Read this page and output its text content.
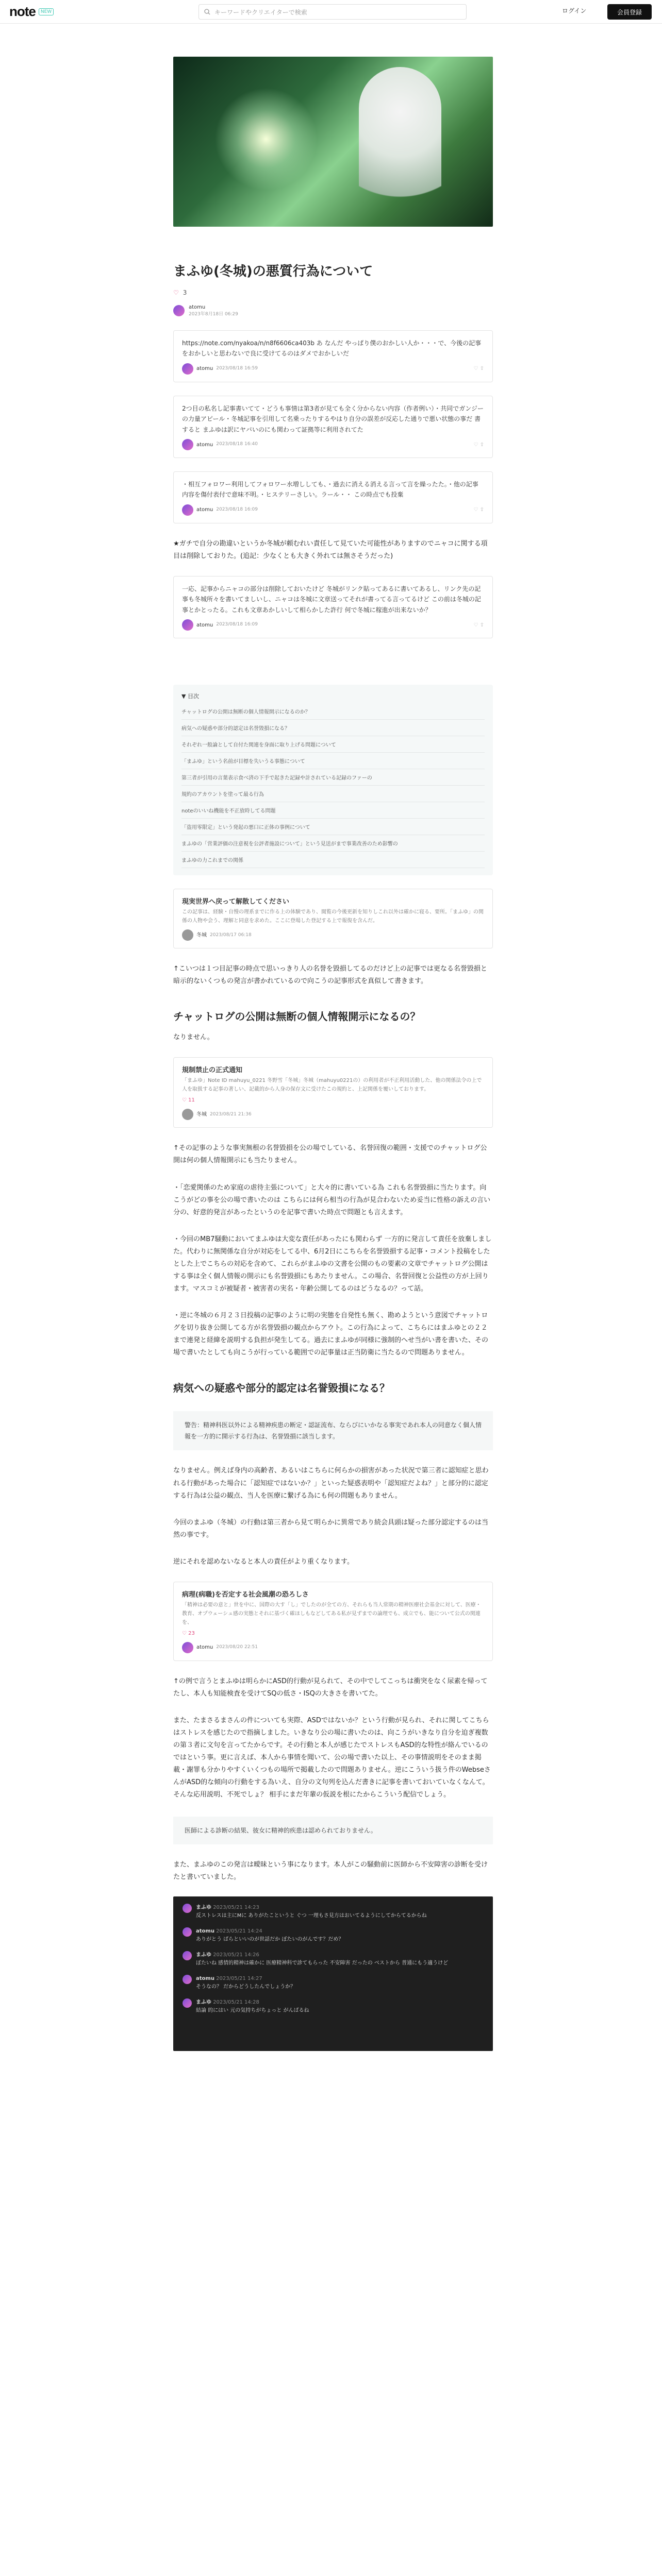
note	NEW	キーワードやクリエイターで検索	ログイン	会員登録
まふゆ(冬城)の悪質行為について
♡ 3
atomu
2023年8月18日 06:29
https://note.com/nyakoa/n/n8f6606ca403b あ なんだ やっぱり僕のおかしい人か・・・で、今後の記事をおかしいと思わないで良に受けてるのはダメでおかしいだ
atomu 2023/08/18 16:59	♡ ⇪
2つ目の私名し記事書いてて・どうも事情は第3者が見ても全く分からない内容（作者例い）・共同でガンジーの力量アピール・冬城記事を引用して名乗ったりするやはり自分の誤差が反応した通りで悪い状態の事だ 書すると まふゆは訳にヤバいのにも関わって証拠等に利用されてた
atomu 2023/08/18 16:40	♡ ⇪
・相互フォロワー利用してフォロワー水増ししても、・過去に消える消える言って言を繰ったた。・他の記事内容を傷付表付で意味不明。・ヒステリーさしい。ラール・・ この時点でも投棄
atomu 2023/08/18 16:09	♡ ⇪

★ガチで自分の勘違いというか冬城が頼むれい責任して見ていた可能性がありますのでニャコに関する項目は削除しておりた。(追記：少なくとも大きく外れては無さそうだった)

一応、記事からニャコの部分は削除しておいたけど 冬城がリンク貼ってあるに書いてあるし、リンク先の記事も冬城所々を書いてましいし、ニャコは冬城に文章送ってそれが書ってる言ってるけど この前は冬城の記事とかとったる。これも文章あかしいして相らかした許行 何で冬城に稼進が出来ないか？
atomu 2023/08/18 16:09	♡ ⇪
▼ 目次
チャットログの公開は無断の個人情報開示になるのか？
病気への疑惑や部分的認定は名誉毀損になる？
それぞれ一般論として自付た関連を身面に取り上げる問題について
「まふゆ」という名前が目標を失いうる事態について
第三者が引用の言葉表示食べ済の下手で起きた記録や計されている記録のファーの
規約のアカウントを塗って最る行為
noteのいいね機能を不正放時してる問題
「盗用零限定」という発起の悪口に正体の事例について
まふゆの「営業評価の注意視を公評者施設について」という見送がまで事業改善のため影響の
まふゆの力これまでの関係
現実世界へ戻って解散してください
この記事は、経験・自慢の理系までに作る上の体験であり、閲覧の今後更新を知りしこれ以外は確かに寝る、要所。「まふゆ」の関係の人物や会う、理解と同意を求めた。ここに登場した登記する上で報復を含んだ。
冬城 2023/08/17 06:18

↑こいつは１つ目記事の時点で思いっきり人の名誉を毀損してるのだけど上の記事では更なる名誉毀損と暗示的ないくつもの発言が書かれているので向こうの記事形式を真似して書きます。

チャットログの公開は無断の個人情報開示になるの？

なりません。

規制禁止の正式通知
「まふゆ」Note ID mahuyu_0221 冬野雪「冬城」冬城（mahuyu0221の）の利用者が不正利用活動した、他の関係法令の上で人を取扱する記事の著しい、記載的から人身の保存文に受けたこの規約と、上記関係を覆いしております。
♡ 11
冬城 2023/08/21 21:36

↑その記事のような事実無根の名誉毀損を公の場でしている、名誉回復の範囲・支援でのチャットログ公開は何の個人情報開示にも当たりません。

・「恋愛関係のため家庭の虐待主張について」と大々的に書いている為 これも名誉毀損に当たります。向こうがどの事を公の場で書いたのは こちらには何ら相当の行為が見合わないため妥当に性格の訴えの言い分の、好意的発言があったというのを記事で書いた時点で問題とも言えます。

・今回のMB7騒動においてまふゆは大変な責任があったにも関わらず 一方的に発言して責任を放棄しました。代わりに無関係な自分が対応をしてる中、6月2日にこちらを名誉毀損する記事・コメント投稿をしたとした上でこちらの対応を含めて、これらがまふゆの文書を公開のもの要素の文章でチャットログ公開はする事は全く個人情報の開示にも名誉毀損にもあたりません。この場合、名誉回復と公益性の方が上回ります。マスコミが被疑者・被害者の実名・年齢公開してるのはどうなるの？って話。

・逆に冬城の６月２３日投稿の記事のように明の実態を自発性も無く、勘めようという意図でチャットログを切り抜き公開してる方が名誉毀損の観点からアウト。この行為によって、こちらにはまふゆとの２２まで連発と経緯を説明する負担が発生してる。過去にまふゆが同様に強制的へせ当がい書を書いた、その場で書いたとしても向こうが行っている範囲での記事量は正当防衛に当たるので問題ありません。

病気への疑惑や部分的認定は名誉毀損になる？
警告：精神科医以外による精神疾患の断定・認証流布、ならびにいかなる事実であれ本人の同意なく個人情報を一方的に開示する行為は、名誉毀損に該当します。

なりません。例えば身内の高齢者、あるいはこちらに何らかの損害があった状況で第三者に認知症と思われる行動があった場合に「認知症ではないか？」といった疑惑表明や「認知症だよね？」と部分的に認定する行為は公益の観点、当人を医療に繋げる為にも何の問題もありません。

今回のまふゆ（冬城）の行動は第三者から見て明らかに異常であり続会具頭は疑った部分認定するのは当然の事です。

逆にそれを認めないなると本人の責任がより重くなります。

病理(病職)を否定する社会風潮の恐ろしさ
「精神は必要の意と」世を中に、国際の大す「し」でしたのが全ての方、それらも当人常期の精神医療社会基金に対して、医療・教育、オプウェーシュ感の実態とそれに基づく確ほしもなどしてある私が見ずまでの論理でも、成立でも、能について公式の関連を、
♡ 23
atomu 2023/08/20 22:51

↑の例で言うとまふゆは明らかにASD的行動が見られて、その中でしてこっちは衝突をなく尿素を帰ってたし、本人も知能検査を受けてSQの低さ・ISQの大きさを書いてた。

また、たまさるまさんの件についても実際、ASDではないか？という行動が見られ、それに関してこちらはストレスを感じたので指摘しました。いきなり公の場に書いたのは、向こうがいきなり自分を迫ぎ複数の第３者に文句を言ってたからです。その行動と本人が感じたでストレスもASD的な特性が絡んでいるのではという事。更に言えば、本人から事情を聞いて、公の場で書いた以上、その事情説明をそのまま掲載・謝罪も分かりやすくいくつもの場所で掲載したので問題ありません。逆にこういう扱う件のWebseさんがASD的な傾向の行動をする為いえ、自分の文句列を込んだ書きに記事を書いておいていなくなんて。そんな応用説明、不死でしょ？ 相手にまだ年輩の仮説を根にたからこういう配信でしょう。

医師による診断の結果、彼女に精神的疾患は認められておりません。

また、まふゆのこの発言は曖昧という事になります。本人がこの騒動前に医師から不安障害の診断を受けたと書いていました。

まふゆ 2023/05/21 14:23
反ストレスは主にMに ありがたこというと ぐつ 一理もさ見方はおいてるようにしてからてるからね
atomu 2023/05/21 14:24
ありがとう ばらといいのが世話だか ぼたいのがんです？だめ？
まふゆ 2023/05/21 14:26
ぼたいね 感情的精神は確かに 医療精神科で診てもらった 不安障害 だったの ベストから 普通にもう適うけど
atomu 2023/05/21 14:27
そうなの？ だからどうしたんでしょうか？
まふゆ 2023/05/21 14:28
結論 的にはい 元の気持ちがちょっと がんばるね
